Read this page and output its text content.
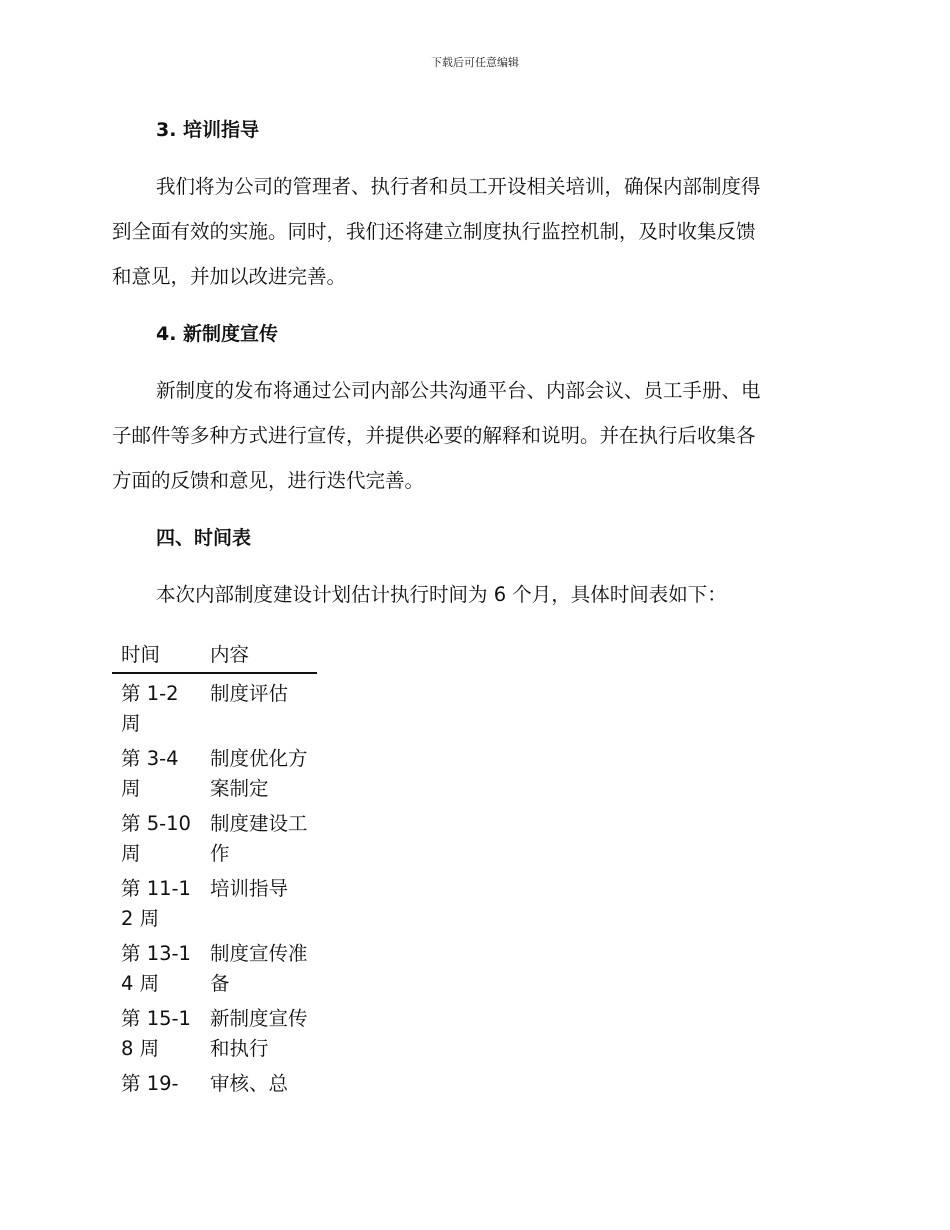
下载后可任意编辑

3. 培训指导
我们将为公司的管理者、执行者和员工开设相关培训，确保内部制度得
到全面有效的实施。同时，我们还将建立制度执行监控机制，及时收集反馈
和意见，并加以改进完善。
4. 新制度宣传
新制度的发布将通过公司内部公共沟通平台、内部会议、员工手册、电
子邮件等多种方式进行宣传，并提供必要的解释和说明。并在执行后收集各
方面的反馈和意见，进行迭代完善。
四、时间表
本次内部制度建设计划估计执行时间为 6 个月，具体时间表如下：
时间	内容
第 1-2 周	制度评估
第 3-4 周	制度优化方案制定
第 5-10 周	制度建设工作
第 11-12 周	培训指导
第 13-14 周	制度宣传准备
第 15-18 周	新制度宣传和执行
第 19-	审核、总
